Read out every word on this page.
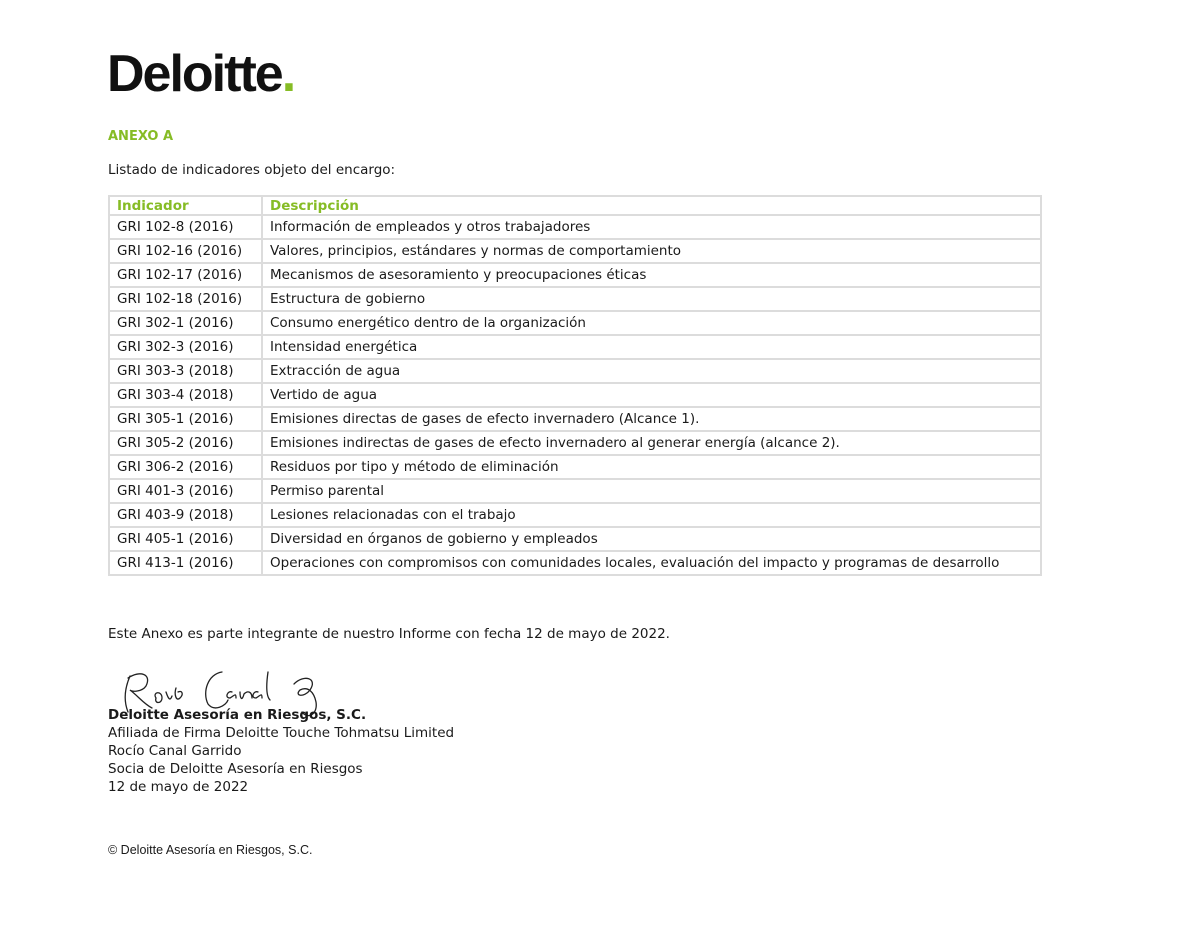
Deloitte.
ANEXO A
Listado de indicadores objeto del encargo:
Indicador	Descripción
GRI 102-8 (2016)	Información de empleados y otros trabajadores
GRI 102-16 (2016)	Valores, principios, estándares y normas de comportamiento
GRI 102-17 (2016)	Mecanismos de asesoramiento y preocupaciones éticas
GRI 102-18 (2016)	Estructura de gobierno
GRI 302-1 (2016)	Consumo energético dentro de la organización
GRI 302-3 (2016)	Intensidad energética
GRI 303-3 (2018)	Extracción de agua
GRI 303-4 (2018)	Vertido de agua
GRI 305-1 (2016)	Emisiones directas de gases de efecto invernadero (Alcance 1).
GRI 305-2 (2016)	Emisiones indirectas de gases de efecto invernadero al generar energía (alcance 2).
GRI 306-2 (2016)	Residuos por tipo y método de eliminación
GRI 401-3 (2016)	Permiso parental
GRI 403-9 (2018)	Lesiones relacionadas con el trabajo
GRI 405-1 (2016)	Diversidad en órganos de gobierno y empleados
GRI 413-1 (2016)	Operaciones con compromisos con comunidades locales, evaluación del impacto y programas de desarrollo
Este Anexo es parte integrante de nuestro Informe con fecha 12 de mayo de 2022.
Deloitte Asesoría en Riesgos, S.C.
Afiliada de Firma Deloitte Touche Tohmatsu Limited
Rocío Canal Garrido
Socia de Deloitte Asesoría en Riesgos
12 de mayo de 2022
© Deloitte Asesoría en Riesgos, S.C.
